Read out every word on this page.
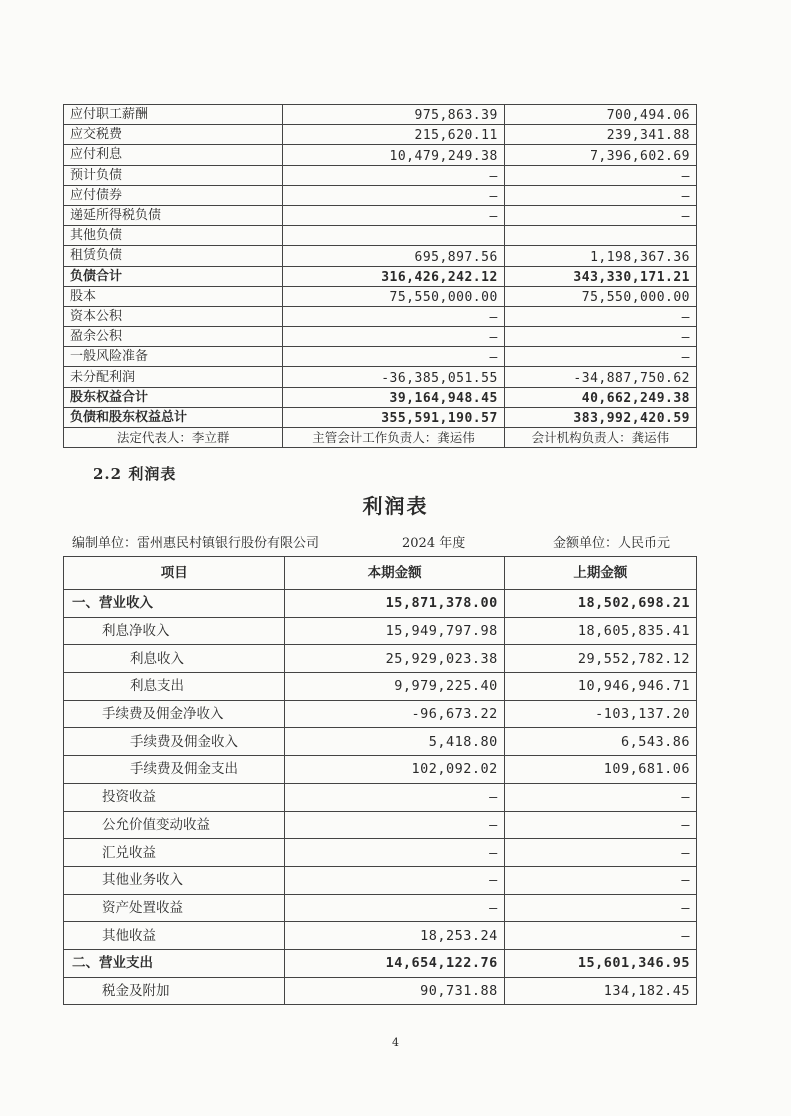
应付职工薪酬	975,863.39	700,494.06
应交税费	215,620.11	239,341.88
应付利息	10,479,249.38	7,396,602.69
预计负债	–	–
应付债券	–	–
递延所得税负债	–	–
其他负债		
租赁负债	695,897.56	1,198,367.36
负债合计	316,426,242.12	343,330,171.21
股本	75,550,000.00	75,550,000.00
资本公积	–	–
盈余公积	–	–
一般风险准备	–	–
未分配利润	-36,385,051.55	-34,887,750.62
股东权益合计	39,164,948.45	40,662,249.38
负债和股东权益总计	355,591,190.57	383,992,420.59
法定代表人：李立群	主管会计工作负责人：龚运伟	会计机构负责人：龚运伟
2.2 利润表
利润表
编制单位：雷州惠民村镇银行股份有限公司	2024 年度	金额单位：人民币元
项目	本期金额	上期金额
一、营业收入	15,871,378.00	18,502,698.21
利息净收入	15,949,797.98	18,605,835.41
利息收入	25,929,023.38	29,552,782.12
利息支出	9,979,225.40	10,946,946.71
手续费及佣金净收入	-96,673.22	-103,137.20
手续费及佣金收入	5,418.80	6,543.86
手续费及佣金支出	102,092.02	109,681.06
投资收益	–	–
公允价值变动收益	–	–
汇兑收益	–	–
其他业务收入	–	–
资产处置收益	–	–
其他收益	18,253.24	–
二、营业支出	14,654,122.76	15,601,346.95
税金及附加	90,731.88	134,182.45
4
